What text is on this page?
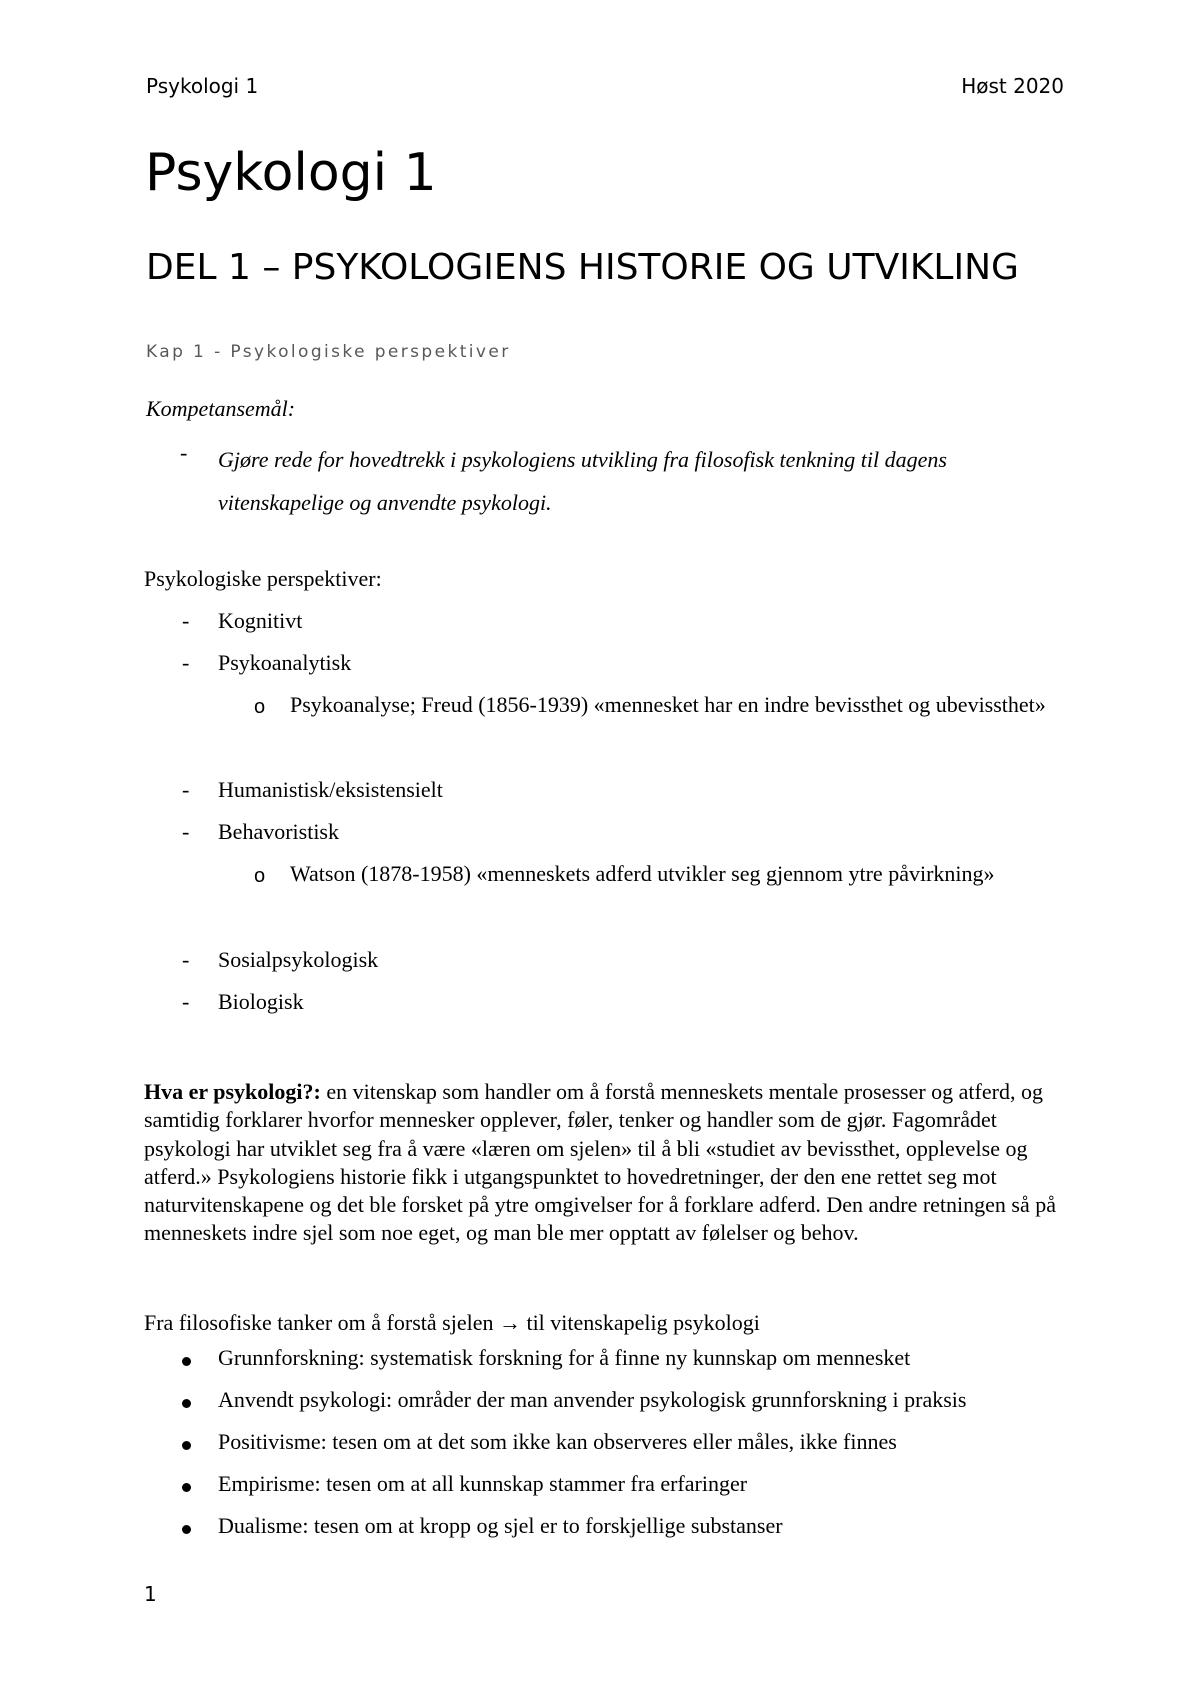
Psykologi 1	Høst 2020
Psykologi 1
DEL 1 – PSYKOLOGIENS HISTORIE OG UTVIKLING
Kap 1 - Psykologiske perspektiver
Kompetansemål:
- Gjøre rede for hovedtrekk i psykologiens utvikling fra filosofisk tenkning til dagens vitenskapelige og anvendte psykologi.
Psykologiske perspektiver:
- Kognitivt
- Psykoanalytisk
o Psykoanalyse; Freud (1856-1939) «mennesket har en indre bevissthet og ubevissthet»
- Humanistisk/eksistensielt
- Behavoristisk
o Watson (1878-1958) «menneskets adferd utvikler seg gjennom ytre påvirkning»
- Sosialpsykologisk
- Biologisk

Hva er psykologi?: en vitenskap som handler om å forstå menneskets mentale prosesser og atferd, og samtidig forklarer hvorfor mennesker opplever, føler, tenker og handler som de gjør. Fagområdet psykologi har utviklet seg fra å være «læren om sjelen» til å bli «studiet av bevissthet, opplevelse og atferd.» Psykologiens historie fikk i utgangspunktet to hovedretninger, der den ene rettet seg mot naturvitenskapene og det ble forsket på ytre omgivelser for å forklare adferd. Den andre retningen så på menneskets indre sjel som noe eget, og man ble mer opptatt av følelser og behov.

Fra filosofiske tanker om å forstå sjelen → til vitenskapelig psykologi
Grunnforskning: systematisk forskning for å finne ny kunnskap om mennesket
Anvendt psykologi: områder der man anvender psykologisk grunnforskning i praksis
Positivisme: tesen om at det som ikke kan observeres eller måles, ikke finnes
Empirisme: tesen om at all kunnskap stammer fra erfaringer
Dualisme: tesen om at kropp og sjel er to forskjellige substanser
1
